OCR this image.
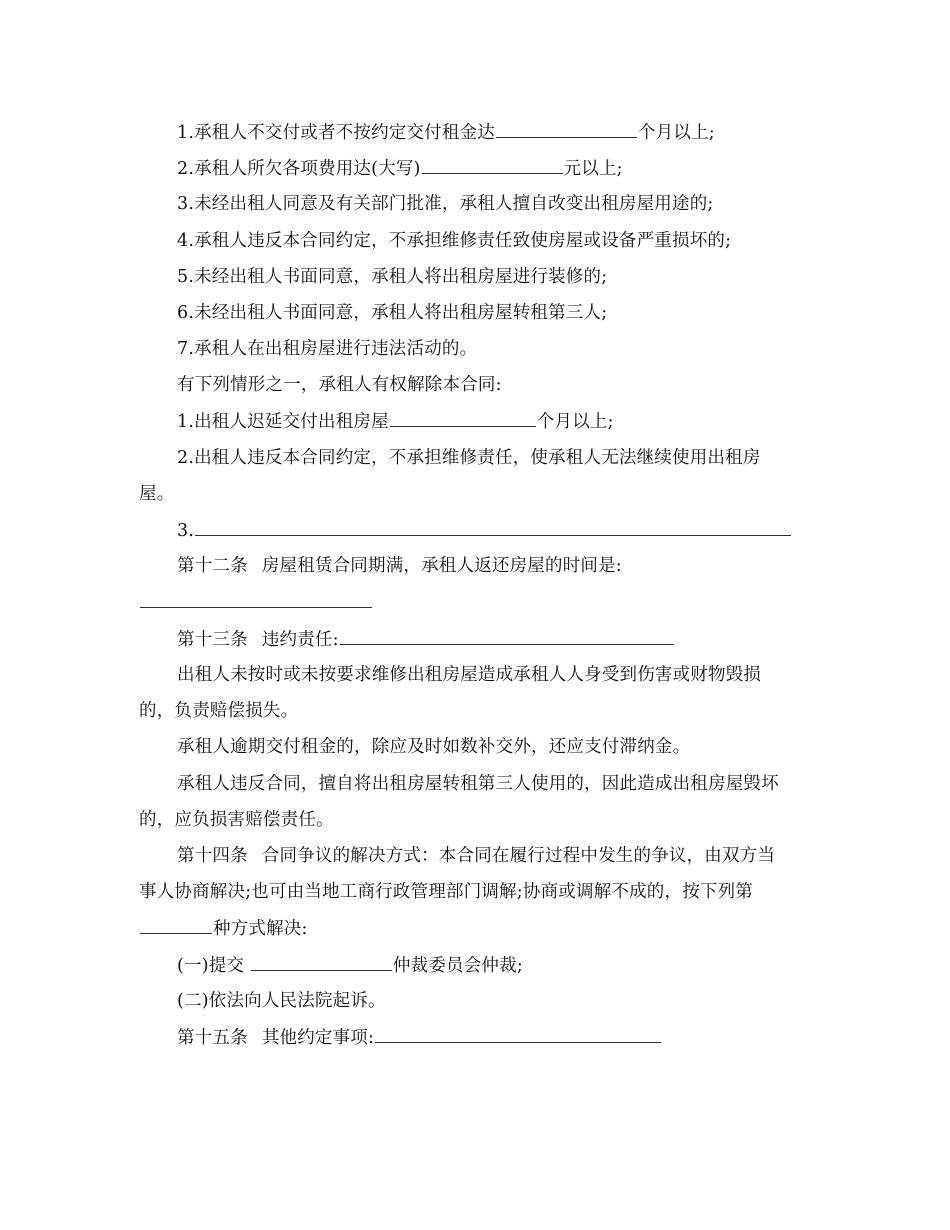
1.承租人不交付或者不按约定交付租金达	个月以上;
2.承租人所欠各项费用达(大写)	元以上;
3.未经出租人同意及有关部门批准，承租人擅自改变出租房屋用途的;
4.承租人违反本合同约定，不承担维修责任致使房屋或设备严重损坏的;
5.未经出租人书面同意，承租人将出租房屋进行装修的;
6.未经出租人书面同意，承租人将出租房屋转租第三人;
7.承租人在出租房屋进行违法活动的。
有下列情形之一，承租人有权解除本合同:
1.出租人迟延交付出租房屋	个月以上;
2.出租人违反本合同约定，不承担维修责任，使承租人无法继续使用出租房
屋。
3.
第十二条 房屋租赁合同期满，承租人返还房屋的时间是:
第十三条 违约责任:
出租人未按时或未按要求维修出租房屋造成承租人人身受到伤害或财物毁损
的，负责赔偿损失。
承租人逾期交付租金的，除应及时如数补交外，还应支付滞纳金。
承租人违反合同，擅自将出租房屋转租第三人使用的，因此造成出租房屋毁坏
的，应负损害赔偿责任。
第十四条 合同争议的解决方式：本合同在履行过程中发生的争议，由双方当
事人协商解决;也可由当地工商行政管理部门调解;协商或调解不成的，按下列第
种方式解决:
(一)提交	仲裁委员会仲裁;
(二)依法向人民法院起诉。
第十五条 其他约定事项:
